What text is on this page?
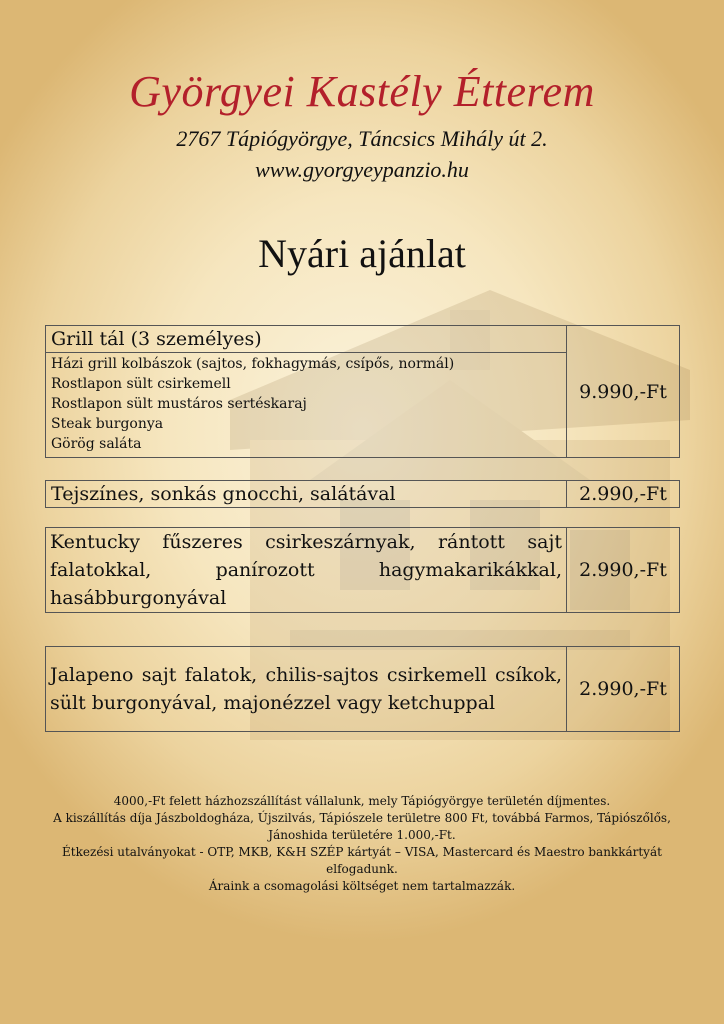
Györgyei Kastély Étterem
2767 Tápiógyörgye, Táncsics Mihály út 2.
www.gyorgyeypanzio.hu
Nyári ajánlat
Grill tál (3 személyes)
Házi grill kolbászok (sajtos, fokhagymás, csípős, normál)
Rostlapon sült csirkemell
Rostlapon sült mustáros sertéskaraj
Steak burgonya
Görög saláta
	9.990,-Ft
Tejszínes, sonkás gnocchi, salátával	2.990,-Ft
Kentucky fűszeres csirkeszárnyak, rántott sajt falatokkal, panírozott hagymakarikákkal, hasábburgonyával	2.990,-Ft
Jalapeno sajt falatok, chilis-sajtos csirkemell csíkok, sült burgonyával, majonézzel vagy ketchuppal	2.990,-Ft

4000,-Ft felett házhozszállítást vállalunk, mely Tápiógyörgye területén díjmentes.

A kiszállítás díja Jászboldogháza, Újszilvás, Tápiószele területre 800 Ft, továbbá Farmos, Tápiószőlős, Jánoshida területére 1.000,-Ft.

Étkezési utalványokat - OTP, MKB, K&H SZÉP kártyát – VISA, Mastercard és Maestro bankkártyát elfogadunk.

Áraink a csomagolási költséget nem tartalmazzák.
